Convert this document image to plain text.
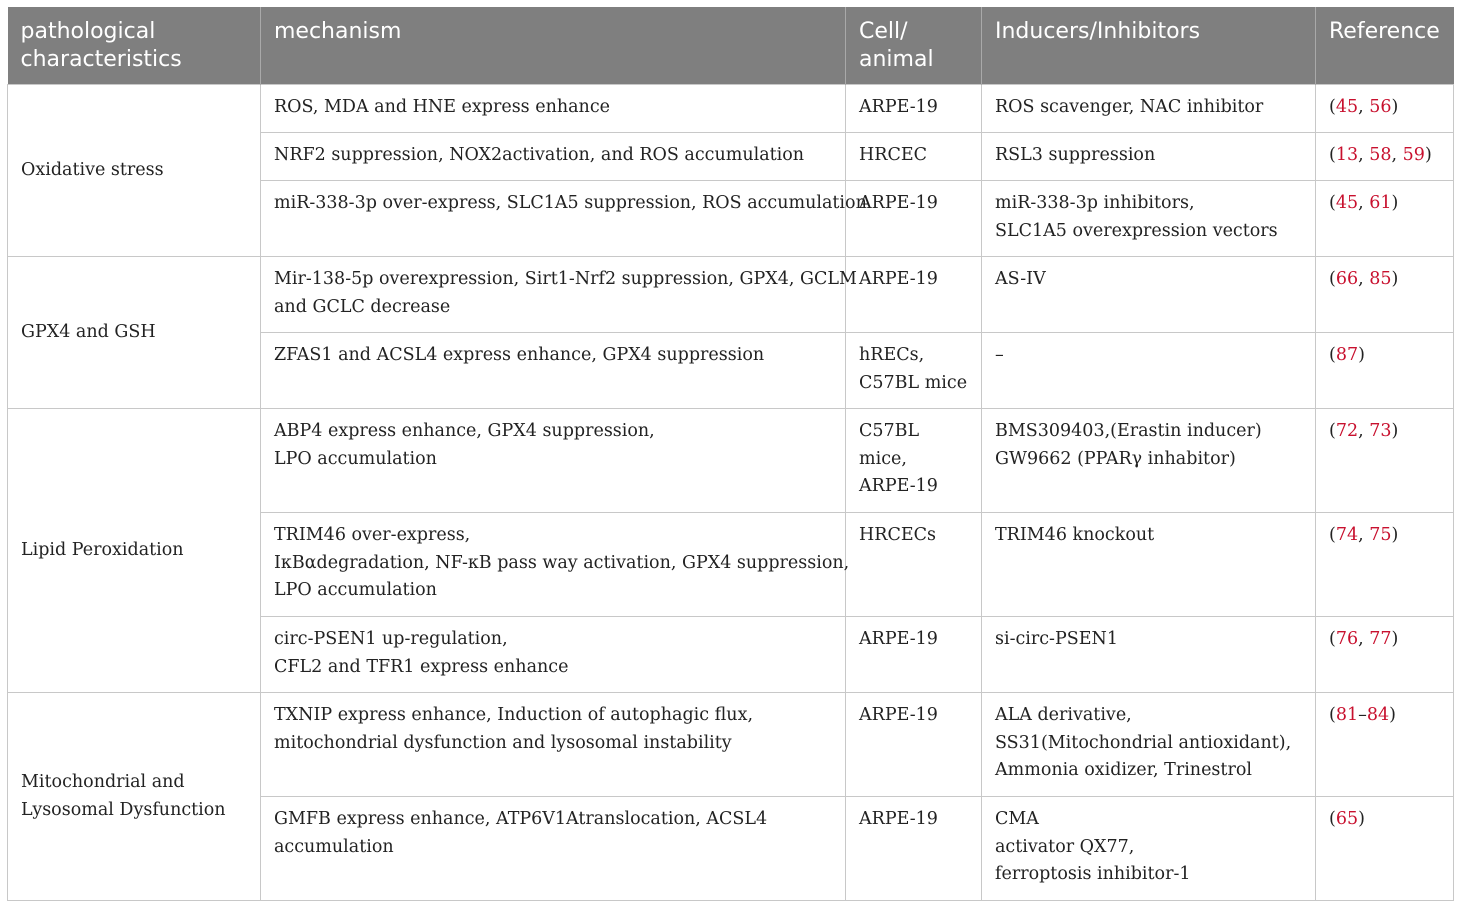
pathological characteristics	mechanism	Cell/ animal	Inducers/Inhibitors	Reference

Oxidative stress	ROS, MDA and HNE express enhance	ARPE-19	ROS scavenger, NAC inhibitor	(45, 56)

	NRF2 suppression, NOX2activation, and ROS accumulation	HRCEC	RSL3 suppression	(13, 58, 59)

	miR-338-3p over-express, SLC1A5 suppression, ROS accumulation	ARPE-19	miR-338-3p inhibitors,
SLC1A5 overexpression vectors	(45, 61)

GPX4 and GSH	Mir-138-5p overexpression, Sirt1-Nrf2 suppression, GPX4, GCLM
and GCLC decrease	ARPE-19	AS-IV	(66, 85)

	ZFAS1 and ACSL4 express enhance, GPX4 suppression	hRECs,
C57BL mice	–	(87)

Lipid Peroxidation	ABP4 express enhance, GPX4 suppression,
LPO accumulation	C57BL
mice,
ARPE-19	BMS309403,(Erastin inducer)
GW9662 (PPARγ inhabitor)	(72, 73)

	TRIM46 over-express,
IκBαdegradation, NF-κB pass way activation, GPX4 suppression,
LPO accumulation	HRCECs	TRIM46 knockout	(74, 75)

	circ-PSEN1 up-regulation,
CFL2 and TFR1 express enhance	ARPE-19	si-circ-PSEN1	(76, 77)

Mitochondrial and
Lysosomal Dysfunction	TXNIP express enhance, Induction of autophagic flux,
mitochondrial dysfunction and lysosomal instability	ARPE-19	ALA derivative,
SS31(Mitochondrial antioxidant),
Ammonia oxidizer, Trinestrol	(81–84)

	GMFB express enhance, ATP6V1Atranslocation, ACSL4
accumulation	ARPE-19	CMA
activator QX77,
ferroptosis inhibitor-1	(65)
